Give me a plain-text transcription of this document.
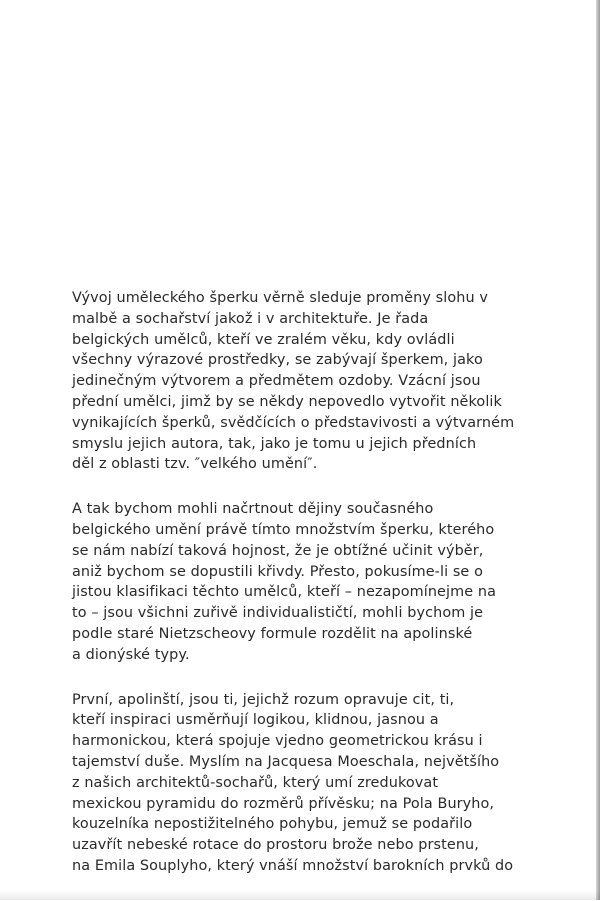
Vývoj uměleckého šperku věrně sleduje proměny slohu v
malbě a sochařství jakož i v architektuře. Je řada
belgických umělců, kteří ve zralém věku, kdy ovládli
všechny výrazové prostředky, se zabývají šperkem, jako
jedinečným výtvorem a předmětem ozdoby. Vzácní jsou
přední umělci, jimž by se někdy nepovedlo vytvořit několik
vynikajících šperků, svědčících o představivosti a výtvarném
smyslu jejich autora, tak, jako je tomu u jejich předních
děl z oblasti tzv. ″velkého umění″.

A tak bychom mohli načrtnout dějiny současného
belgického umění právě tímto množstvím šperku, kterého
se nám nabízí taková hojnost, že je obtížné učinit výběr,
aniž bychom se dopustili křivdy. Přesto, pokusíme-li se o
jistou klasifikaci těchto umělců, kteří – nezapomínejme na
to – jsou všichni zuřivě individualističtí, mohli bychom je
podle staré Nietzscheovy formule rozdělit na apolinské
a dionýské typy.

První, apolinští, jsou ti, jejichž rozum opravuje cit, ti,
kteří inspiraci usměrňují logikou, klidnou, jasnou a
harmonickou, která spojuje vjedno geometrickou krásu i
tajemství duše. Myslím na Jacquesa Moeschala, největšího
z našich architektů-sochařů, který umí zredukovat
mexickou pyramidu do rozměrů přívěsku; na Pola Buryho,
kouzelníka nepostižitelného pohybu, jemuž se podařilo
uzavřít nebeské rotace do prostoru brože nebo prstenu,
na Emila Souplyho, který vnáší množství barokních prvků do
